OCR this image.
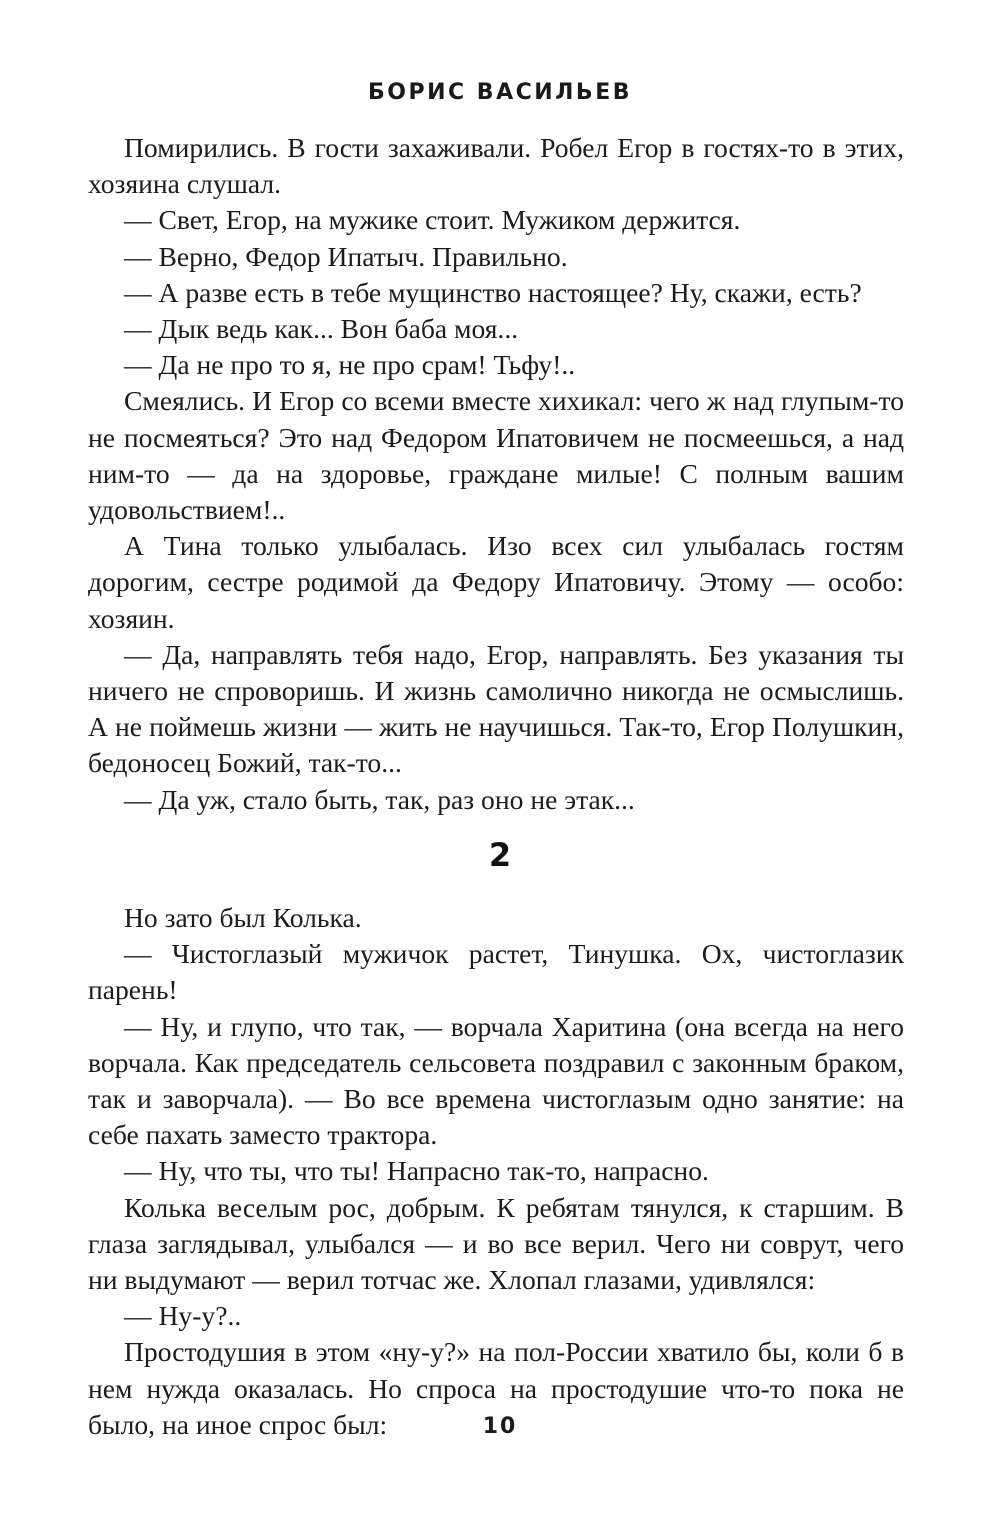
БОРИС ВАСИЛЬЕВ

Помирились. В гости захаживали. Робел Егор в гостях-то в этих, хозяина слушал.

— Свет, Егор, на мужике стоит. Мужиком держится.

— Верно, Федор Ипатыч. Правильно.

— А разве есть в тебе мущинство настоящее? Ну, скажи, есть?

— Дык ведь как... Вон баба моя...

— Да не про то я, не про срам! Тьфу!..

Смеялись. И Егор со всеми вместе хихикал: чего ж над глупым-то не посмеяться? Это над Федором Ипатовичем не посмеешься, а над ним-то — да на здоровье, граждане милые! С полным вашим удовольствием!..

А Тина только улыбалась. Изо всех сил улыбалась гостям дорогим, сестре родимой да Федору Ипатовичу. Этому — особо: хозяин.

— Да, направлять тебя надо, Егор, направлять. Без указания ты ничего не спроворишь. И жизнь самолично никогда не осмыслишь. А не поймешь жизни — жить не научишься. Так-то, Егор Полушкин, бедоносец Божий, так-то...

— Да уж, стало быть, так, раз оно не этак...

2

Но зато был Колька.

— Чистоглазый мужичок растет, Тинушка. Ох, чистоглазик парень!

— Ну, и глупо, что так, — ворчала Харитина (она всегда на него ворчала. Как председатель сельсовета поздравил с законным браком, так и заворчала). — Во все времена чистоглазым одно занятие: на себе пахать заместо трактора.

— Ну, что ты, что ты! Напрасно так-то, напрасно.

Колька веселым рос, добрым. К ребятам тянулся, к старшим. В глаза заглядывал, улыбался — и во все верил. Чего ни соврут, чего ни выдумают — верил тотчас же. Хлопал глазами, удивлялся:

— Ну-у?..

Простодушия в этом «ну-у?» на пол-России хватило бы, коли б в нем нужда оказалась. Но спроса на простодушие что-то пока не было, на иное спрос был:	10
